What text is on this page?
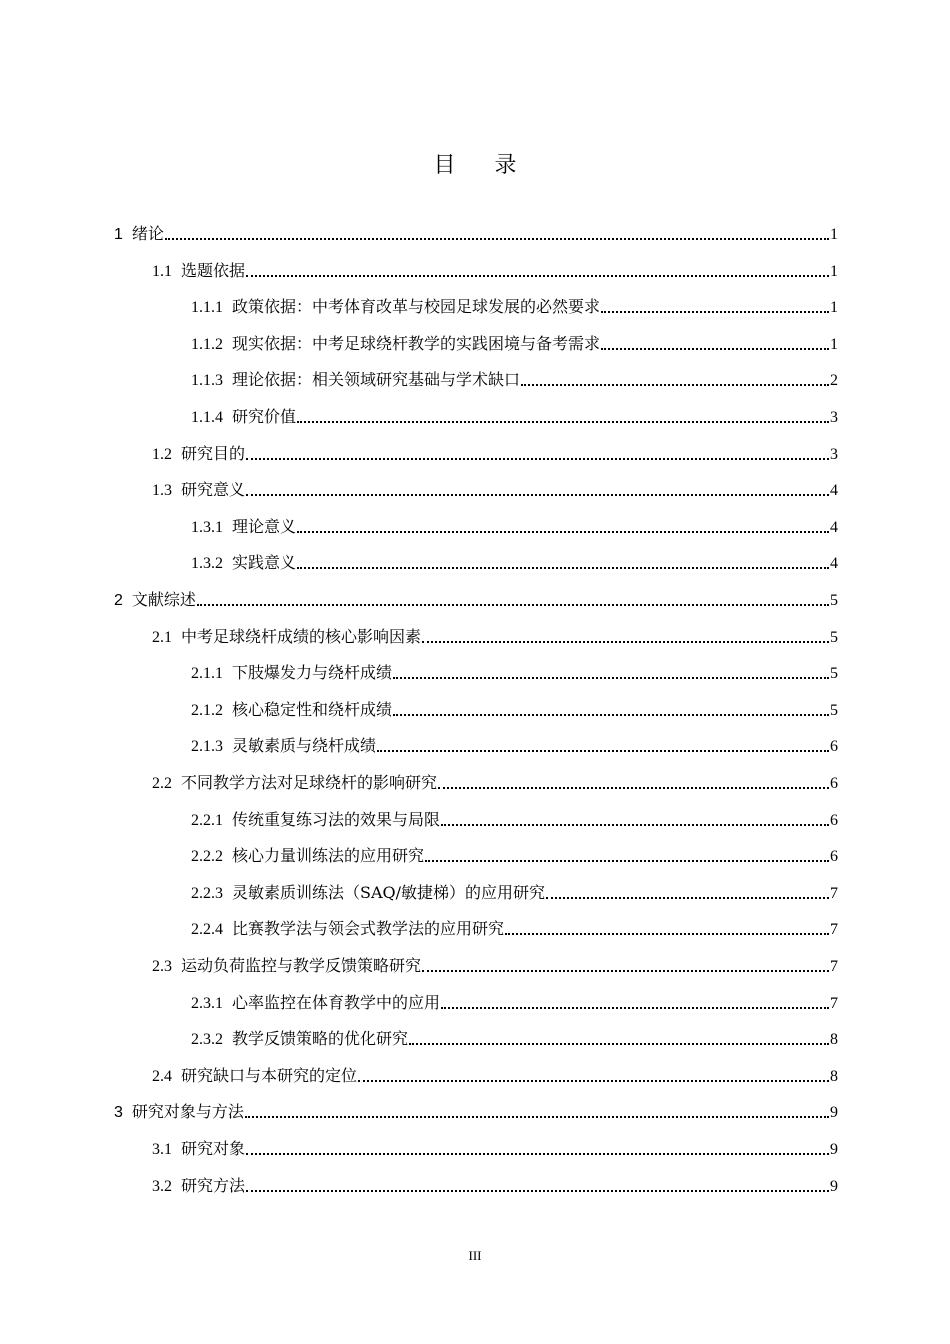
目 录
1 绪论	1
1.1 选题依据	1
1.1.1 政策依据：中考体育改革与校园足球发展的必然要求	1
1.1.2 现实依据：中考足球绕杆教学的实践困境与备考需求	1
1.1.3 理论依据：相关领域研究基础与学术缺口	2
1.1.4 研究价值	3
1.2 研究目的	3
1.3 研究意义	4
1.3.1 理论意义	4
1.3.2 实践意义	4
2 文献综述	5
2.1 中考足球绕杆成绩的核心影响因素	5
2.1.1 下肢爆发力与绕杆成绩	5
2.1.2 核心稳定性和绕杆成绩	5
2.1.3 灵敏素质与绕杆成绩	6
2.2 不同教学方法对足球绕杆的影响研究	6
2.2.1 传统重复练习法的效果与局限	6
2.2.2 核心力量训练法的应用研究	6
2.2.3 灵敏素质训练法（SAQ/敏捷梯）的应用研究	7
2.2.4 比赛教学法与领会式教学法的应用研究	7
2.3 运动负荷监控与教学反馈策略研究	7
2.3.1 心率监控在体育教学中的应用	7
2.3.2 教学反馈策略的优化研究	8
2.4 研究缺口与本研究的定位	8
3 研究对象与方法	9
3.1 研究对象	9
3.2 研究方法	9
III
